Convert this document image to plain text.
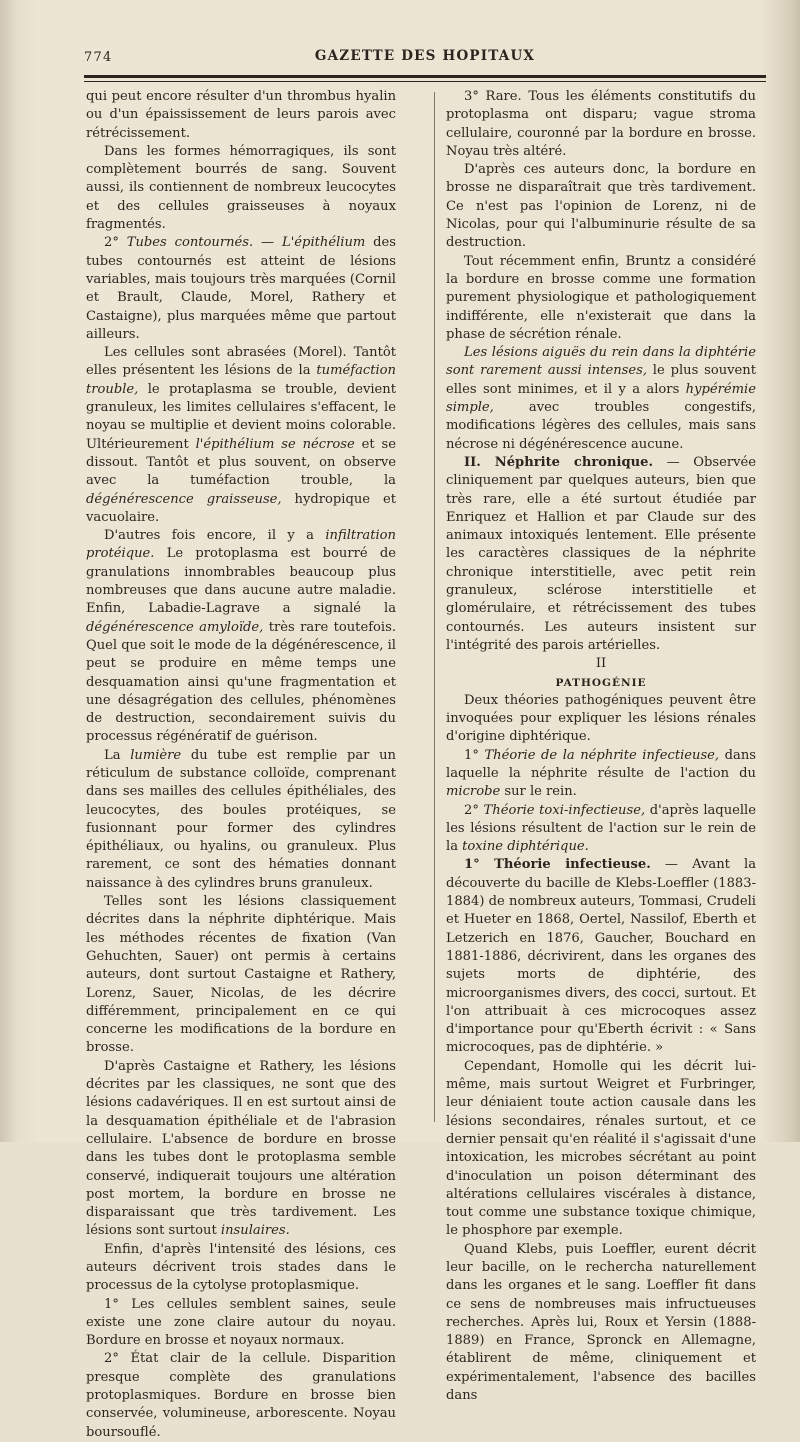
774	GAZETTE DES HOPITAUX

qui peut encore résulter d'un thrombus hyalin ou d'un épaississement de leurs parois avec rétrécissement.

Dans les formes hémorragiques, ils sont complètement bourrés de sang. Souvent aussi, ils contiennent de nombreux leucocytes et des cellules graisseuses à noyaux fragmentés.

2° Tubes contournés. — L'épithélium des tubes contournés est atteint de lésions variables, mais toujours très marquées (Cornil et Brault, Claude, Morel, Rathery et Castaigne), plus marquées même que partout ailleurs.

Les cellules sont abrasées (Morel). Tantôt elles présentent les lésions de la tuméfaction trouble, le protaplasma se trouble, devient granuleux, les limites cellulaires s'effacent, le noyau se multiplie et devient moins colorable. Ultérieurement l'épithélium se nécrose et se dissout. Tantôt et plus souvent, on observe avec la tuméfaction trouble, la dégénérescence graisseuse, hydropique et vacuolaire.

D'autres fois encore, il y a infiltration protéique. Le protoplasma est bourré de granulations innombrables beaucoup plus nombreuses que dans aucune autre maladie. Enfin, Labadie-Lagrave a signalé la dégénérescence amyloïde, très rare toutefois. Quel que soit le mode de la dégénérescence, il peut se produire en même temps une desquamation ainsi qu'une fragmentation et une désagrégation des cellules, phénomènes de destruction, secondairement suivis du processus régénératif de guérison.

La lumière du tube est remplie par un réticulum de substance colloïde, comprenant dans ses mailles des cellules épithéliales, des leucocytes, des boules protéiques, se fusionnant pour former des cylindres épithéliaux, ou hyalins, ou granuleux. Plus rarement, ce sont des hématies donnant naissance à des cylindres bruns granuleux.

Telles sont les lésions classiquement décrites dans la néphrite diphtérique. Mais les méthodes récentes de fixation (Van Gehuchten, Sauer) ont permis à certains auteurs, dont surtout Castaigne et Rathery, Lorenz, Sauer, Nicolas, de les décrire différemment, principalement en ce qui concerne les modifications de la bordure en brosse.

D'après Castaigne et Rathery, les lésions décrites par les classiques, ne sont que des lésions cadavériques. Il en est surtout ainsi de la desquamation épithéliale et de l'abrasion cellulaire. L'absence de bordure en brosse dans les tubes dont le protoplasma semble conservé, indiquerait toujours une altération post mortem, la bordure en brosse ne disparaissant que très tardivement. Les lésions sont surtout insulaires.

Enfin, d'après l'intensité des lésions, ces auteurs décrivent trois stades dans le processus de la cytolyse protoplasmique.

1° Les cellules semblent saines, seule existe une zone claire autour du noyau. Bordure en brosse et noyaux normaux.

2° État clair de la cellule. Disparition presque complète des granulations protoplasmiques. Bordure en brosse bien conservée, volumineuse, arborescente. Noyau boursouflé.

3° Rare. Tous les éléments constitutifs du protoplasma ont disparu; vague stroma cellulaire, couronné par la bordure en brosse. Noyau très altéré.

D'après ces auteurs donc, la bordure en brosse ne disparaîtrait que très tardivement. Ce n'est pas l'opinion de Lorenz, ni de Nicolas, pour qui l'albuminurie résulte de sa destruction.

Tout récemment enfin, Bruntz a considéré la bordure en brosse comme une formation purement physiologique et pathologiquement indifférente, elle n'existerait que dans la phase de sécrétion rénale.

Les lésions aiguës du rein dans la diphtérie sont rarement aussi intenses, le plus souvent elles sont minimes, et il y a alors hypérémie simple, avec troubles congestifs, modifications légères des cellules, mais sans nécrose ni dégénérescence aucune.

II. Néphrite chronique. — Observée cliniquement par quelques auteurs, bien que très rare, elle a été surtout étudiée par Enriquez et Hallion et par Claude sur des animaux intoxiqués lentement. Elle présente les caractères classiques de la néphrite chronique interstitielle, avec petit rein granuleux, sclérose interstitielle et glomérulaire, et rétrécissement des tubes contournés. Les auteurs insistent sur l'intégrité des parois artérielles.

II

PATHOGÉNIE

Deux théories pathogéniques peuvent être invoquées pour expliquer les lésions rénales d'origine diphtérique.

1° Théorie de la néphrite infectieuse, dans laquelle la néphrite résulte de l'action du microbe sur le rein.

2° Théorie toxi-infectieuse, d'après laquelle les lésions résultent de l'action sur le rein de la toxine diphtérique.

1° Théorie infectieuse. — Avant la découverte du bacille de Klebs-Loeffler (1883-1884) de nombreux auteurs, Tommasi, Crudeli et Hueter en 1868, Oertel, Nassilof, Eberth et Letzerich en 1876, Gaucher, Bouchard en 1881-1886, décrivirent, dans les organes des sujets morts de diphtérie, des microorganismes divers, des cocci, surtout. Et l'on attribuait à ces microcoques assez d'importance pour qu'Eberth écrivit : « Sans microcoques, pas de diphtérie. »

Cependant, Homolle qui les décrit lui-même, mais surtout Weigret et Furbringer, leur déniaient toute action causale dans les lésions secondaires, rénales surtout, et ce dernier pensait qu'en réalité il s'agissait d'une intoxication, les microbes sécrétant au point d'inoculation un poison déterminant des altérations cellulaires viscérales à distance, tout comme une substance toxique chimique, le phosphore par exemple.

Quand Klebs, puis Loeffler, eurent décrit leur bacille, on le rechercha naturellement dans les organes et le sang. Loeffler fit dans ce sens de nombreuses mais infructueuses recherches. Après lui, Roux et Yersin (1888-1889) en France, Spronck en Allemagne, établirent de même, cliniquement et expérimentalement, l'absence des bacilles dans
